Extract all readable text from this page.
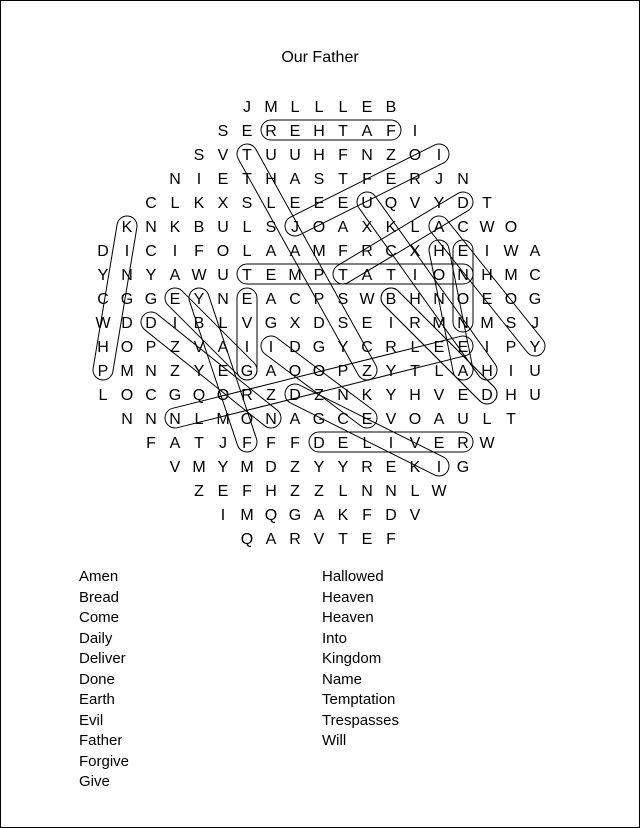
Our Father
J M L L L E B
S E R E H T A F I
S V T U U H F N Z O I
N I E T H A S T F E R J N
C L K X S L E E E U Q V Y D T
K N K B U L S J O A X K L A C W O
D I C I F O L A A M F R C X H E I W A
Y N Y A W U T E M P T A T I O N H M C
C G G E Y N E A C P S W B H N O E O G
W D D I B L V G X D S E I R M N M S J
H O P Z V A I I D G Y C R L E E I P Y
P M N Z Y E G A O O P Z Y T L A H I U
L O C G Q O R Z D Z N K Y H V E D H U
N N N L M O N A G C E V O A U L T
F A T J F F F D E L I V E R W
V M Y M D Z Y Y R E K I G
Z E F H Z Z L N N L W
I M Q G A K F D V
Q A R V T E F
Amen
Bread
Come
Daily
Deliver
Done
Earth
Evil
Father
Forgive
Give
Hallowed
Heaven
Heaven
Into
Kingdom
Name
Temptation
Trespasses
Will
